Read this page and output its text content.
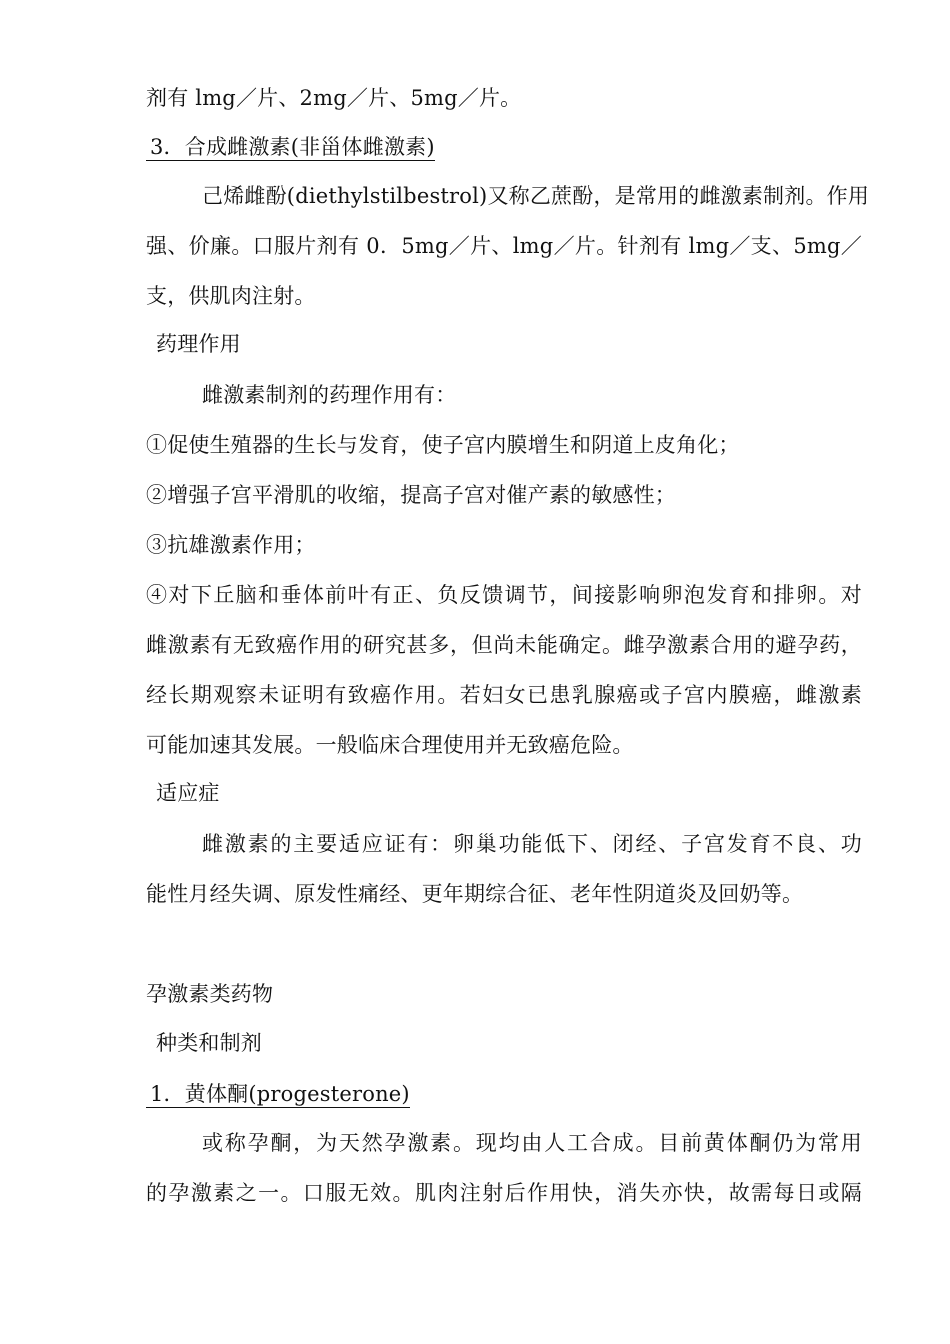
剂有 lmg／片、2mg／片、5mg／片。
3．合成雌激素(非甾体雌激素)
己烯雌酚(diethylstilbestrol)又称乙蔗酚，是常用的雌激素制剂。作用
强、价廉。口服片剂有 0．5mg／片、lmg／片。针剂有 lmg／支、5mg／
支，供肌肉注射。
药理作用
雌激素制剂的药理作用有：
①促使生殖器的生长与发育，使子宫内膜增生和阴道上皮角化；
②增强子宫平滑肌的收缩，提高子宫对催产素的敏感性；
③抗雄激素作用；
④对下丘脑和垂体前叶有正、负反馈调节，间接影响卵泡发育和排卵。对
雌激素有无致癌作用的研究甚多，但尚未能确定。雌孕激素合用的避孕药，
经长期观察未证明有致癌作用。若妇女已患乳腺癌或子宫内膜癌，雌激素
可能加速其发展。一般临床合理使用并无致癌危险。
适应症
雌激素的主要适应证有：卵巢功能低下、闭经、子宫发育不良、功
能性月经失调、原发性痛经、更年期综合征、老年性阴道炎及回奶等。
孕激素类药物
种类和制剂
1．黄体酮(progesterone)
或称孕酮，为天然孕激素。现均由人工合成。目前黄体酮仍为常用
的孕激素之一。口服无效。肌肉注射后作用快，消失亦快，故需每日或隔
